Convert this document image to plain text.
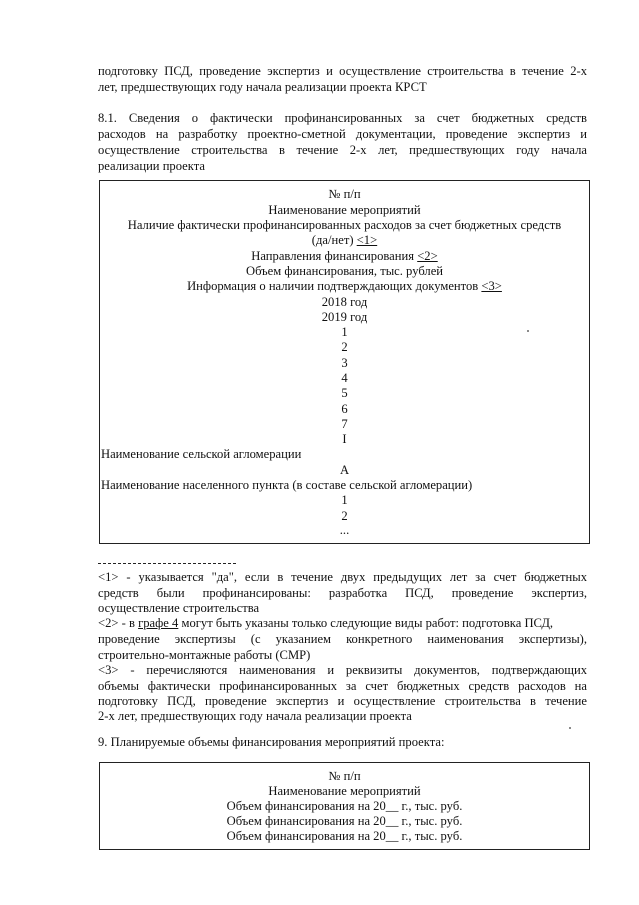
подготовку ПСД, проведение экспертиз и осуществление строительства в течение 2-х
лет, предшествующих году начала реализации проекта КРСТ
8.1. Сведения о фактически профинансированных за счет бюджетных средств
расходов на разработку проектно-сметной документации, проведение экспертиз и
осуществление строительства в течение 2-х лет, предшествующих году начала
реализации проекта
№ п/п
Наименование мероприятий
Наличие фактически профинансированных расходов за счет бюджетных средств
(да/нет) <1>
Направления финансирования <2>
Объем финансирования, тыс. рублей
Информация о наличии подтверждающих документов <3>
2018 год
2019 год
1
2
3
4
5
6
7
I
Наименование сельской агломерации
A
Наименование населенного пункта (в составе сельской агломерации)
1
2
...
<1> - указывается "да", если в течение двух предыдущих лет за счет бюджетных
средств были профинансированы: разработка ПСД, проведение экспертиз,
осуществление строительства
<2> - в графе 4 могут быть указаны только следующие виды работ: подготовка ПСД,
проведение экспертизы (с указанием конкретного наименования экспертизы),
строительно-монтажные работы (СМР)
<3> - перечисляются наименования и реквизиты документов, подтверждающих
объемы фактически профинансированных за счет бюджетных средств расходов на
подготовку ПСД, проведение экспертиз и осуществление строительства в течение
2-х лет, предшествующих году начала реализации проекта
9. Планируемые объемы финансирования мероприятий проекта:
№ п/п
Наименование мероприятий
Объем финансирования на 20__ г., тыс. руб.
Объем финансирования на 20__ г., тыс. руб.
Объем финансирования на 20__ г., тыс. руб.
